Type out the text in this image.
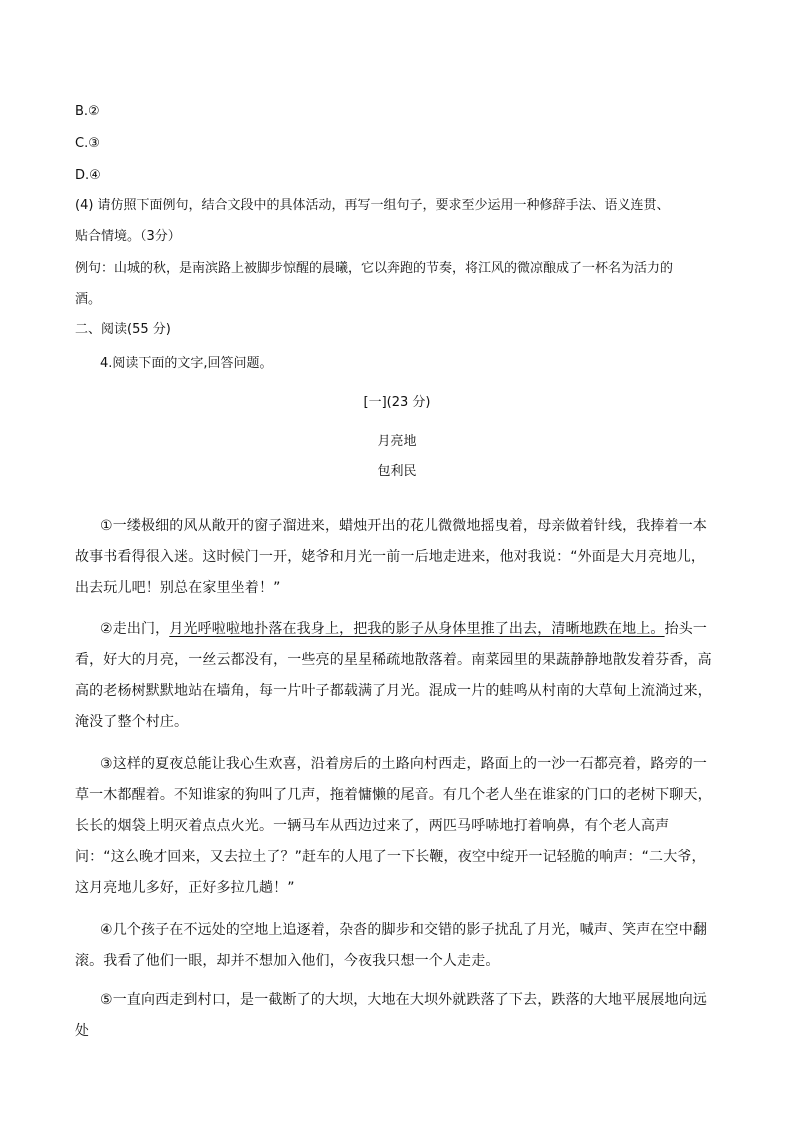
B.②
C.③
D.④
(4) 请仿照下面例句，结合文段中的具体活动，再写一组句子，要求至少运用一种修辞手法、语义连贯、
贴合情境。（3分）
例句：山城的秋，是南滨路上被脚步惊醒的晨曦，它以奔跑的节奏，将江风的微凉酿成了一杯名为活力的
酒。
二、阅读(55 分)
4.阅读下面的文字,回答问题。
[一](23 分)
月亮地
包利民
①一缕极细的风从敞开的窗子溜进来，蜡烛开出的花儿微微地摇曳着，母亲做着针线，我捧着一本故事书看得很入迷。这时候门一开，姥爷和月光一前一后地走进来，他对我说：“外面是大月亮地儿，出去玩儿吧！别总在家里坐着！”
②走出门，月光呼啦啦地扑落在我身上，把我的影子从身体里推了出去，清晰地跌在地上。抬头一看，好大的月亮，一丝云都没有，一些亮的星星稀疏地散落着。南菜园里的果蔬静静地散发着芬香，高高的老杨树默默地站在墙角，每一片叶子都载满了月光。混成一片的蛙鸣从村南的大草甸上流淌过来，淹没了整个村庄。
③这样的夏夜总能让我心生欢喜，沿着房后的土路向村西走，路面上的一沙一石都亮着，路旁的一草一木都醒着。不知谁家的狗叫了几声，拖着慵懒的尾音。有几个老人坐在谁家的门口的老树下聊天，长长的烟袋上明灭着点点火光。一辆马车从西边过来了，两匹马呼哧地打着响鼻，有个老人高声问：“这么晚才回来，又去拉土了？”赶车的人甩了一下长鞭，夜空中绽开一记轻脆的响声：“二大爷，这月亮地儿多好，正好多拉几趟！”
④几个孩子在不远处的空地上追逐着，杂沓的脚步和交错的影子扰乱了月光，喊声、笑声在空中翻滚。我看了他们一眼，却并不想加入他们，今夜我只想一个人走走。
⑤一直向西走到村口，是一截断了的大坝，大地在大坝外就跌落了下去，跌落的大地平展展地向远处
